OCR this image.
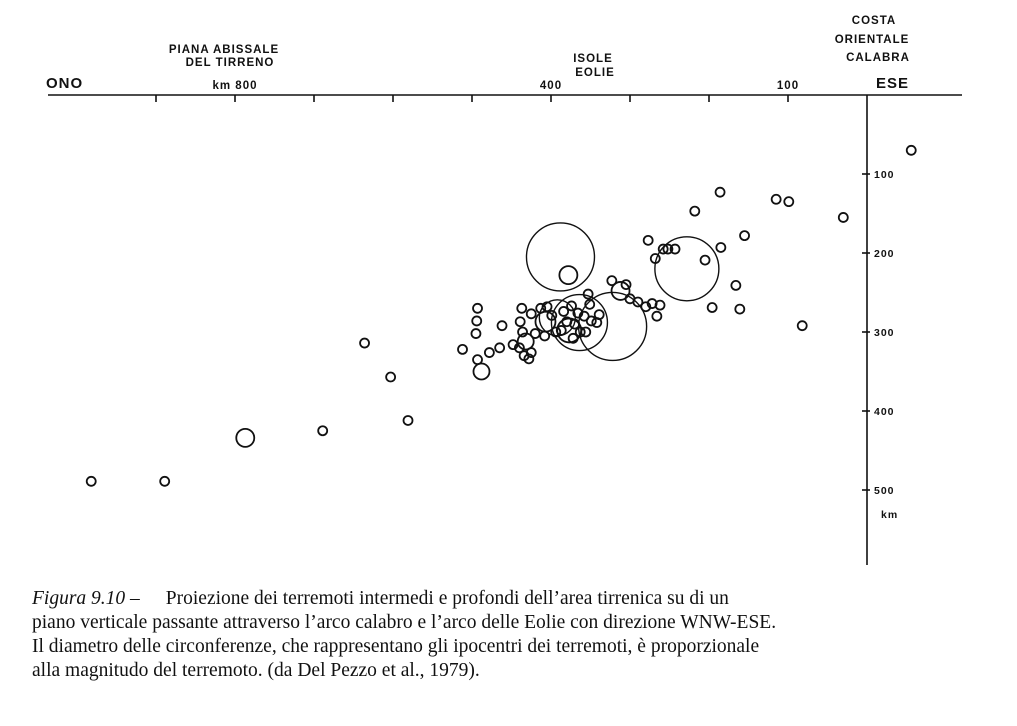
ONO	ESE
PIANA ABISSALE
DEL TIRRENO	ISOLE
EOLIE
COSTA
ORIENTALE
CALABRA
km
100
400
km 800
100
200
300
400
500
Figura 9.10 – Proiezione dei terremoti intermedi e profondi dell’area tirrenica su di un
piano verticale passante attraverso l’arco calabro e l’arco delle Eolie con direzione WNW-ESE.
Il diametro delle circonferenze, che rappresentano gli ipocentri dei terremoti, è proporzionale
alla magnitudo del terremoto. (da Del Pezzo et al., 1979).
